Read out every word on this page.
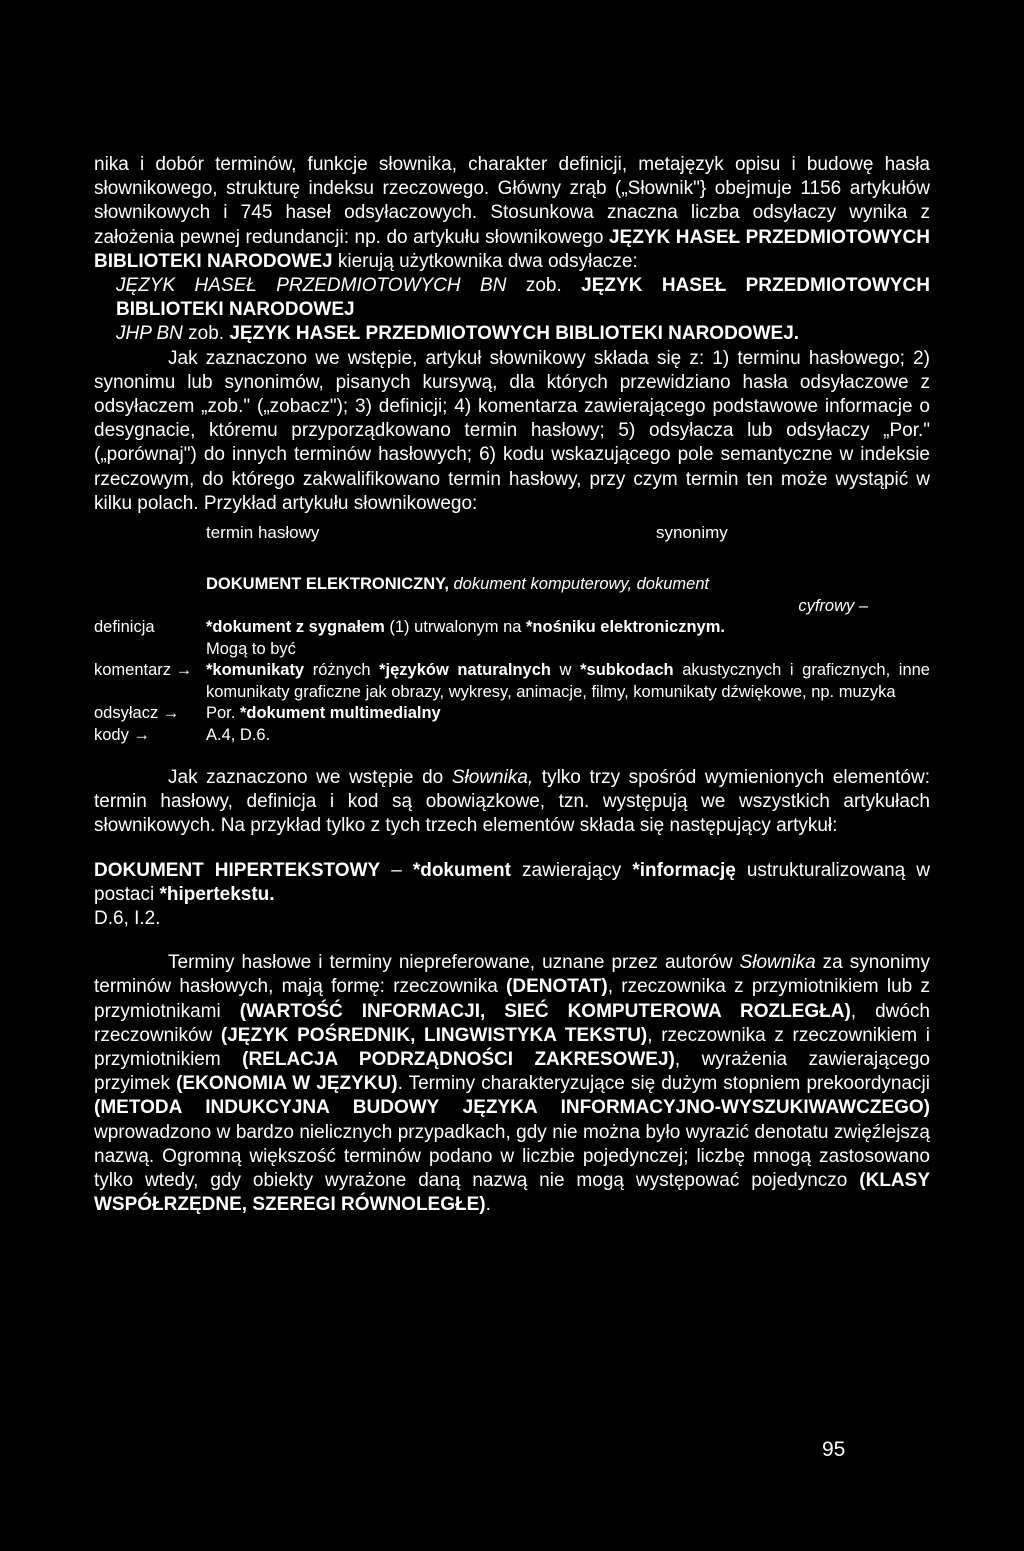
nika i dobór terminów, funkcje słownika, charakter definicji, metajęzyk opisu i budowę hasła słownikowego, strukturę indeksu rzeczowego. Główny zrąb („Słownik"} obejmuje 1156 artykułów słownikowych i 745 haseł odsyłaczowych. Stosunkowa znaczna liczba odsyłaczy wynika z założenia pewnej redundancji: np. do artykułu słownikowego JĘZYK HASEŁ PRZEDMIOTOWYCH BIBLIOTEKI NARODOWEJ kierują użytkownika dwa odsyłacze:

JĘZYK HASEŁ PRZEDMIOTOWYCH BN zob. JĘZYK HASEŁ PRZEDMIOTOWYCH BIBLIOTEKI NARODOWEJ

JHP BN zob. JĘZYK HASEŁ PRZEDMIOTOWYCH BIBLIOTEKI NARODOWEJ.

Jak zaznaczono we wstępie, artykuł słownikowy składa się z: 1) terminu hasłowego; 2) synonimu lub synonimów, pisanych kursywą, dla których przewidziano hasła odsyłaczowe z odsyłaczem „zob." („zobacz"); 3) definicji; 4) komentarza zawierającego podstawowe informacje o desygnacie, któremu przyporządkowano termin hasłowy; 5) odsyłacza lub odsyłaczy „Por." („porównaj") do innych terminów hasłowych; 6) kodu wskazującego pole semantyczne w indeksie rzeczowym, do którego zakwalifikowano termin hasłowy, przy czym termin ten może wystąpić w kilku polach. Przykład artykułu słownikowego:

termin hasłowy	synonimy
DOKUMENT ELEKTRONICZNY, dokument komputerowy, dokument
cyfrowy –
definicja	*dokument z sygnałem (1) utrwalonym na *nośniku elektronicznym.
Mogą to być
komentarz → *komunikaty różnych *języków naturalnych w *subkodach akustycznych i graficznych, inne komunikaty graficzne jak obrazy, wykresy, animacje, filmy, komunikaty dźwiękowe, np. muzyka
odsyłacz →	Por. *dokument multimedialny
kody →	A.4, D.6.

Jak zaznaczono we wstępie do Słownika, tylko trzy spośród wymienionych elementów: termin hasłowy, definicja i kod są obowiązkowe, tzn. występują we wszystkich artykułach słownikowych. Na przykład tylko z tych trzech elementów składa się następujący artykuł:

DOKUMENT HIPERTEKSTOWY – *dokument zawierający *informację ustrukturalizowaną w postaci *hipertekstu.

D.6, I.2.

Terminy hasłowe i terminy niepreferowane, uznane przez autorów Słownika za synonimy terminów hasłowych, mają formę: rzeczownika (DENOTAT), rzeczownika z przymiotnikiem lub z przymiotnikami (WARTOŚĆ INFORMACJI, SIEĆ KOMPUTEROWA ROZLEGŁA), dwóch rzeczowników (JĘZYK POŚREDNIK, LINGWISTYKA TEKSTU), rzeczownika z rzeczownikiem i przymiotnikiem (RELACJA PODRZĄDNOŚCI ZAKRESOWEJ), wyrażenia zawierającego przyimek (EKONOMIA W JĘZYKU). Terminy charakteryzujące się dużym stopniem prekoordynacji (METODA INDUKCYJNA BUDOWY JĘZYKA INFORMACYJNO-WYSZUKIWAWCZEGO) wprowadzono w bardzo nielicznych przypadkach, gdy nie można było wyrazić denotatu zwięźlejszą nazwą. Ogromną większość terminów podano w liczbie pojedynczej; liczbę mnogą zastosowano tylko wtedy, gdy obiekty wyrażone daną nazwą nie mogą występować pojedynczo (KLASY WSPÓŁRZĘDNE, SZEREGI RÓWNOLEGŁE).

95
